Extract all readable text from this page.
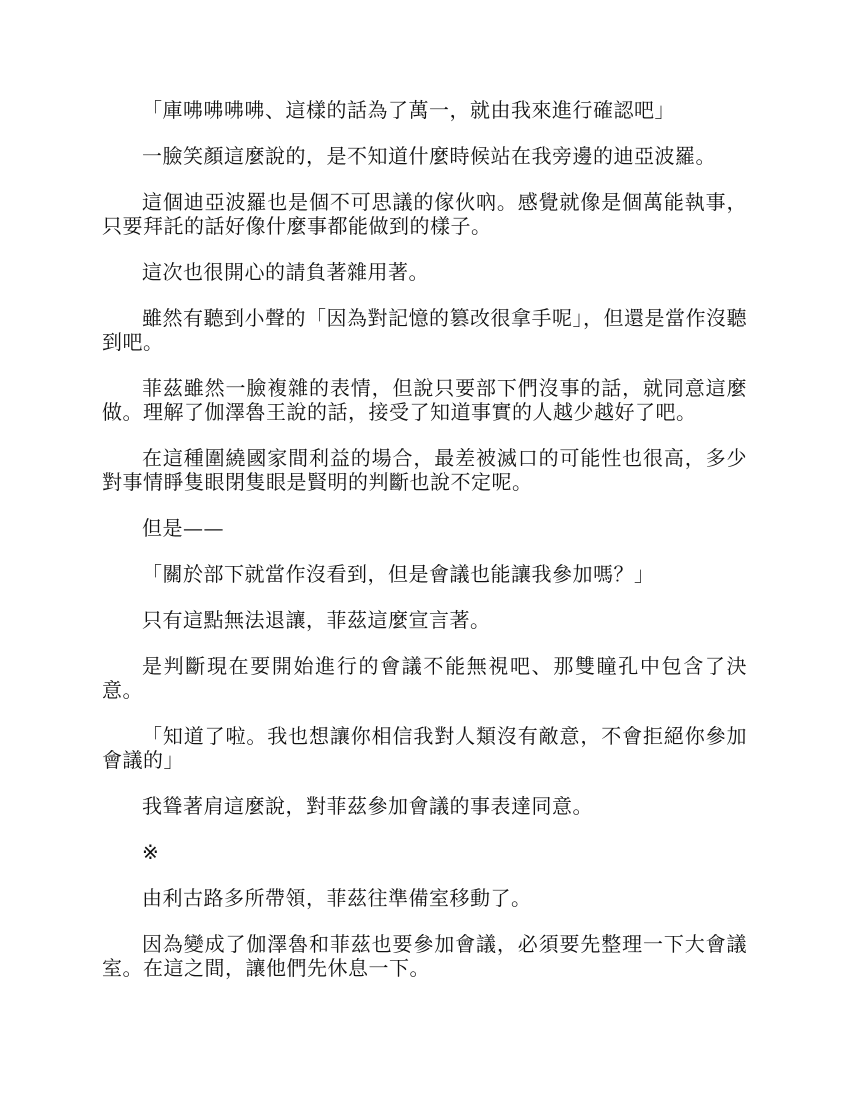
「庫咈咈咈咈、這樣的話為了萬一，就由我來進行確認吧」

一臉笑顏這麼說的，是不知道什麼時候站在我旁邊的迪亞波羅。

這個迪亞波羅也是個不可思議的傢伙吶。感覺就像是個萬能執事，只要拜託的話好像什麼事都能做到的樣子。

這次也很開心的請負著雜用著。

雖然有聽到小聲的「因為對記憶的篡改很拿手呢」，但還是當作沒聽到吧。

菲茲雖然一臉複雜的表情，但說只要部下們沒事的話，就同意這麼做。理解了伽澤魯王說的話，接受了知道事實的人越少越好了吧。

在這種圍繞國家間利益的場合，最差被滅口的可能性也很高，多少對事情睜隻眼閉隻眼是賢明的判斷也說不定呢。

但是——

「關於部下就當作沒看到，但是會議也能讓我參加嗎？」

只有這點無法退讓，菲茲這麼宣言著。

是判斷現在要開始進行的會議不能無視吧、那雙瞳孔中包含了決意。

「知道了啦。我也想讓你相信我對人類沒有敵意，不會拒絕你參加會議的」

我聳著肩這麼說，對菲茲參加會議的事表達同意。

※

由利古路多所帶領，菲茲往準備室移動了。

因為變成了伽澤魯和菲茲也要參加會議，必須要先整理一下大會議室。在這之間，讓他們先休息一下。
